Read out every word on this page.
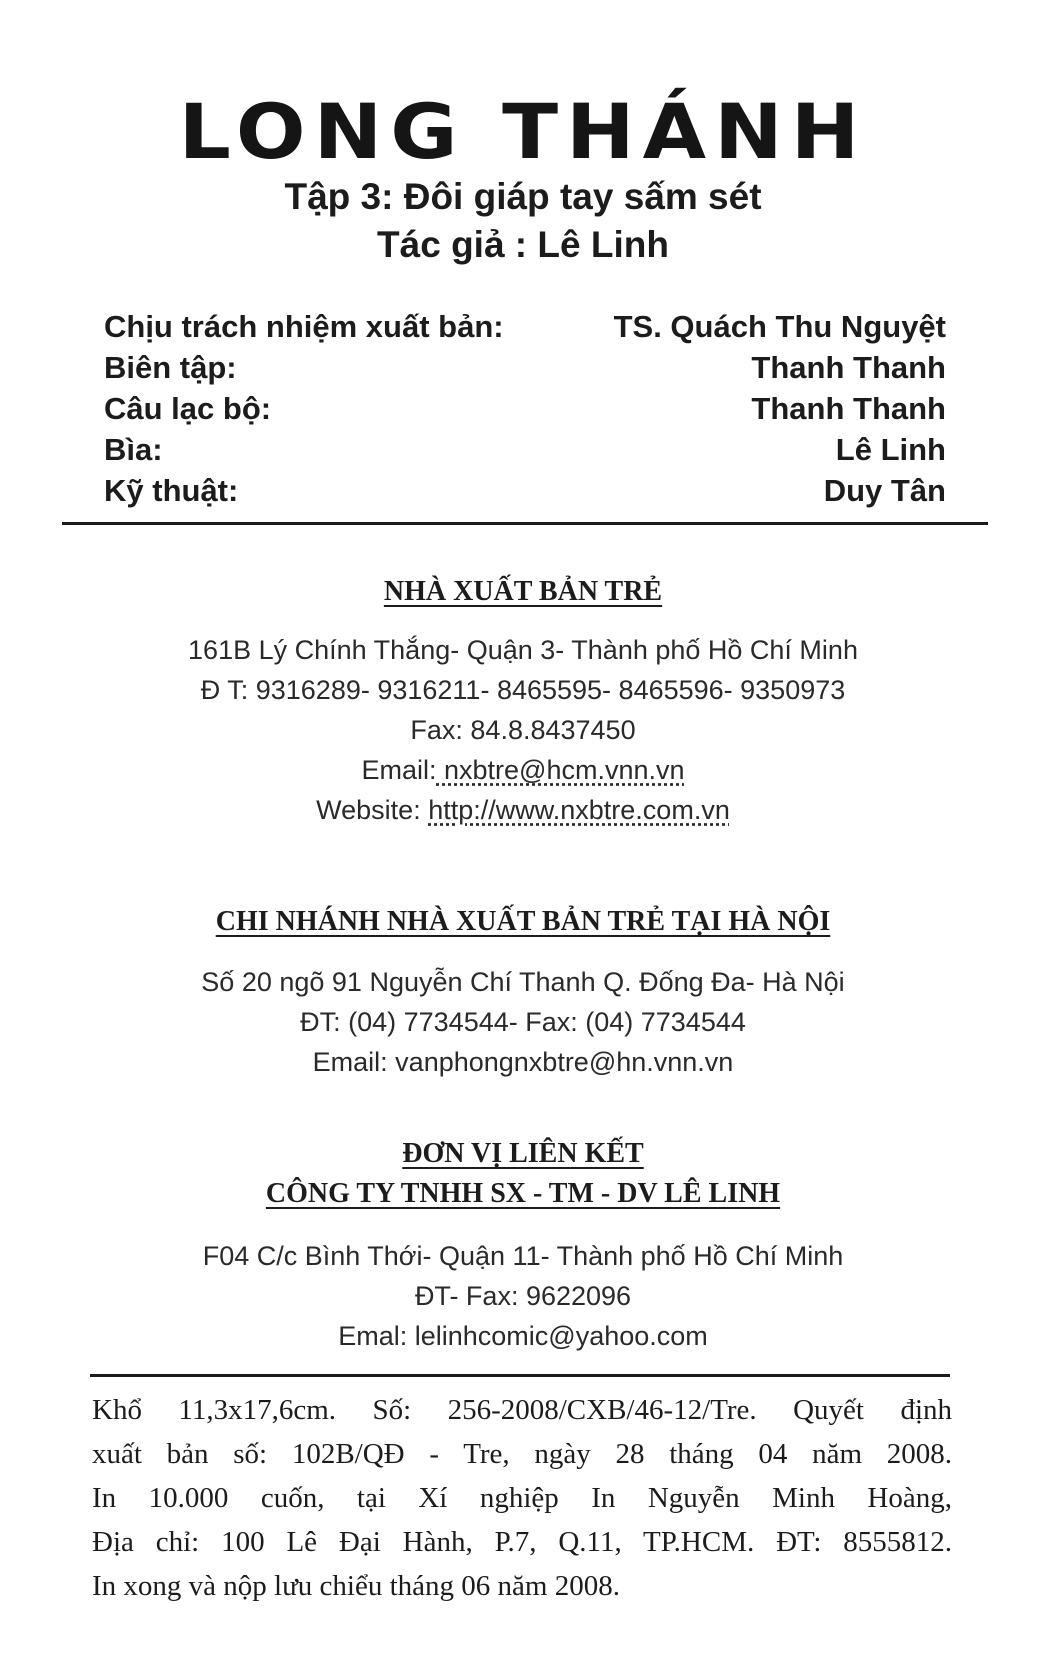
LONG THÁNH
Tập 3: Đôi giáp tay sấm sét
Tác giả : Lê Linh
Chịu trách nhiệm xuất bản:	TS. Quách Thu Nguyệt
Biên tập:	Thanh Thanh
Câu lạc bộ:	Thanh Thanh
Bìa:	Lê Linh
Kỹ thuật:	Duy Tân
NHÀ XUẤT BẢN TRẺ
161B Lý Chính Thắng- Quận 3- Thành phố Hồ Chí Minh
Đ T: 9316289- 9316211- 8465595- 8465596- 9350973
Fax: 84.8.8437450
Email: nxbtre@hcm.vnn.vn
Website: http://www.nxbtre.com.vn
CHI NHÁNH NHÀ XUẤT BẢN TRẺ TẠI HÀ NỘI
Số 20 ngõ 91 Nguyễn Chí Thanh Q. Đống Đa- Hà Nội
ĐT: (04) 7734544- Fax: (04) 7734544
Email: vanphongnxbtre@hn.vnn.vn
ĐƠN VỊ LIÊN KẾT
CÔNG TY TNHH SX - TM - DV LÊ LINH
F04 C/c Bình Thới- Quận 11- Thành phố Hồ Chí Minh
ĐT- Fax: 9622096
Emal: lelinhcomic@yahoo.com
Khổ 11,3x17,6cm. Số: 256-2008/CXB/46-12/Tre. Quyết định
xuất bản số: 102B/QĐ - Tre, ngày 28 tháng 04 năm 2008.
In 10.000 cuốn, tại Xí nghiệp In Nguyễn Minh Hoàng,
Địa chỉ: 100 Lê Đại Hành, P.7, Q.11, TP.HCM. ĐT: 8555812.
In xong và nộp lưu chiểu tháng 06 năm 2008.
